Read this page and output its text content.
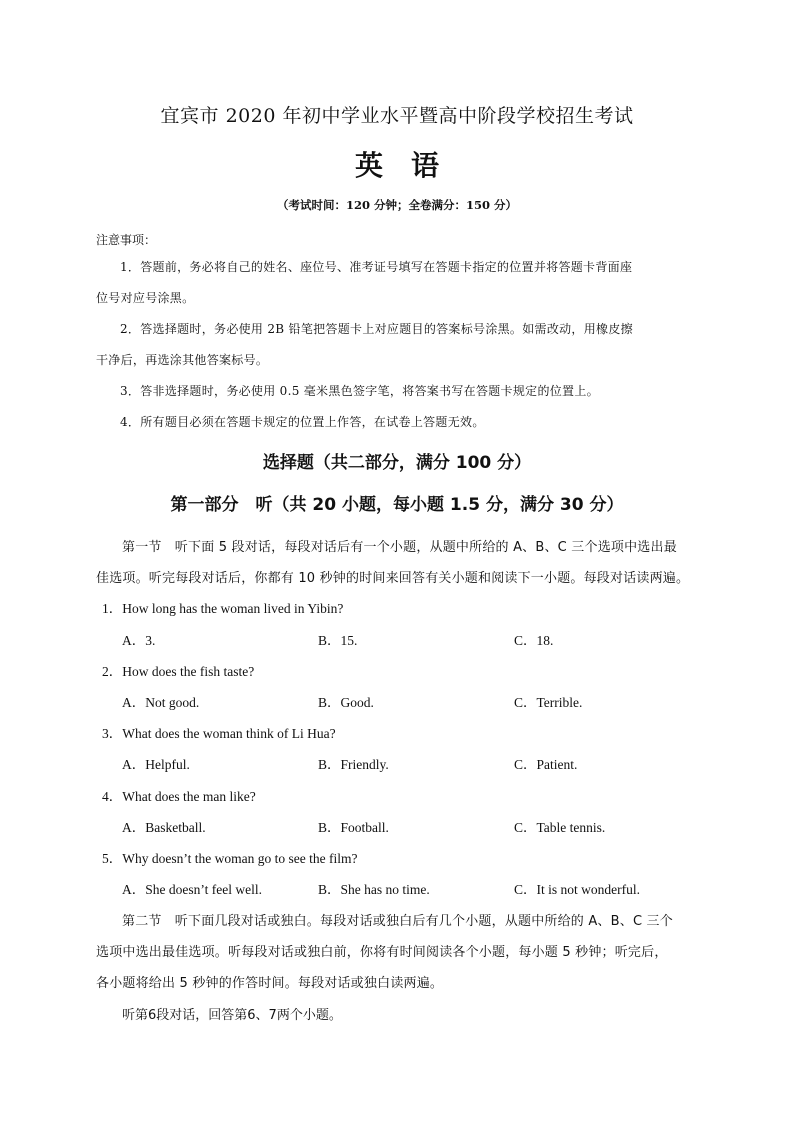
宜宾市 2020 年初中学业水平暨高中阶段学校招生考试
英语
（考试时间：120 分钟；全卷满分：150 分）
注意事项：
1．答题前，务必将自己的姓名、座位号、准考证号填写在答题卡指定的位置并将答题卡背面座
位号对应号涂黑。
2．答选择题时，务必使用 2B 铅笔把答题卡上对应题目的答案标号涂黑。如需改动，用橡皮擦
干净后，再选涂其他答案标号。
3．答非选择题时，务必使用 0.5 毫米黑色签字笔，将答案书写在答题卡规定的位置上。
4．所有题目必须在答题卡规定的位置上作答，在试卷上答题无效。
选择题（共二部分，满分 100 分）
第一部分　听（共 20 小题，每小题 1.5 分，满分 30 分）
第一节　听下面 5 段对话，每段对话后有一个小题，从题中所给的 A、B、C 三个选项中选出最
佳选项。听完每段对话后，你都有 10 秒钟的时间来回答有关小题和阅读下一小题。每段对话读两遍。
1．How long has the woman lived in Yibin?
A．3.	B．15.	C．18.
2．How does the fish taste?
A．Not good.	B．Good.	C．Terrible.
3．What does the woman think of Li Hua?
A．Helpful.	B．Friendly.	C．Patient.
4．What does the man like?
A．Basketball.	B．Football.	C．Table tennis.
5．Why doesn’t the woman go to see the film?
A．She doesn’t feel well.	B．She has no time.	C．It is not wonderful.
第二节　听下面几段对话或独白。每段对话或独白后有几个小题，从题中所给的 A、B、C 三个
选项中选出最佳选项。听每段对话或独白前，你将有时间阅读各个小题，每小题 5 秒钟；听完后，
各小题将给出 5 秒钟的作答时间。每段对话或独白读两遍。
听第6段对话，回答第6、7两个小题。
